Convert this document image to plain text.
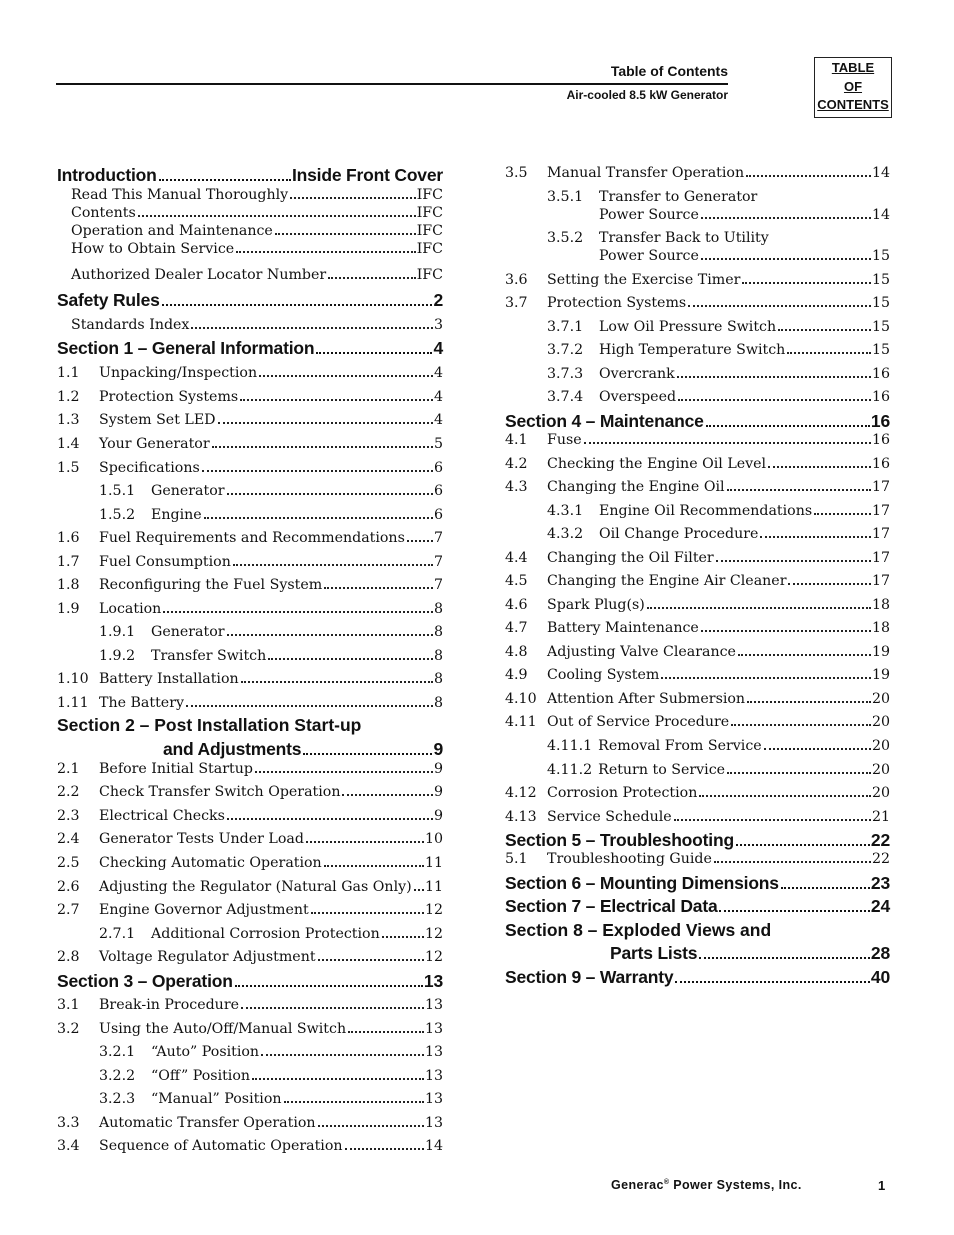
Table of Contents
Air-cooled 8.5 kW Generator
TABLE
OF
CONTENTS
Introduction	Inside Front Cover
Read This Manual Thoroughly	IFC
Contents	IFC
Operation and Maintenance	IFC
How to Obtain Service	IFC
Authorized Dealer Locator Number	IFC
Safety Rules	2
Standards Index	3
Section 1 – General Information	4
1.1	Unpacking/Inspection	4
1.2	Protection Systems	4
1.3	System Set LED	4
1.4	Your Generator	5
1.5	Specifications	6
1.5.1	Generator	6
1.5.2	Engine	6
1.6	Fuel Requirements and Recommendations 7
1.7	Fuel Consumption	7
1.8	Reconfiguring the Fuel System	7
1.9	Location	8
1.9.1	Generator	8
1.9.2	Transfer Switch	8
1.10 Battery Installation	8
1.11 The Battery	8
Section 2 – Post Installation Start-up
and Adjustments	9
2.1	Before Initial Startup	9
2.2	Check Transfer Switch Operation	9
2.3	Electrical Checks	9
2.4	Generator Tests Under Load	10
2.5	Checking Automatic Operation	11
2.6	Adjusting the Regulator (Natural Gas Only) 11
2.7	Engine Governor Adjustment	12
2.7.1	Additional Corrosion Protection	12
2.8	Voltage Regulator Adjustment	12
Section 3 – Operation	13
3.1	Break-in Procedure	13
3.2	Using the Auto/Off/Manual Switch	13
3.2.1	“Auto” Position	13
3.2.2	“Off” Position	13
3.2.3	“Manual” Position	13
3.3	Automatic Transfer Operation	13
3.4	Sequence of Automatic Operation	14
3.5	Manual Transfer Operation	14
3.5.1 Transfer to Generator
Power Source	14
3.5.2 Transfer Back to Utility
Power Source	15
3.6	Setting the Exercise Timer	15
3.7	Protection Systems	15
3.7.1	Low Oil Pressure Switch	15
3.7.2	High Temperature Switch	15
3.7.3	Overcrank	16
3.7.4	Overspeed	16
Section 4 – Maintenance	16
4.1	Fuse	16
4.2	Checking the Engine Oil Level	16
4.3	Changing the Engine Oil	17
4.3.1	Engine Oil Recommendations	17
4.3.2	Oil Change Procedure	17
4.4	Changing the Oil Filter	17
4.5	Changing the Engine Air Cleaner	17
4.6	Spark Plug(s)	18
4.7	Battery Maintenance	18
4.8	Adjusting Valve Clearance	19
4.9	Cooling System	19
4.10 Attention After Submersion	20
4.11 Out of Service Procedure	20
4.11.1 Removal From Service	20
4.11.2 Return to Service	20
4.12 Corrosion Protection	20
4.13 Service Schedule	21
Section 5 – Troubleshooting	22
5.1	Troubleshooting Guide	22
Section 6 – Mounting Dimensions	23
Section 7 – Electrical Data	24
Section 8 – Exploded Views and
Parts Lists	28
Section 9 – Warranty	40
Generac® Power Systems, Inc.	1
